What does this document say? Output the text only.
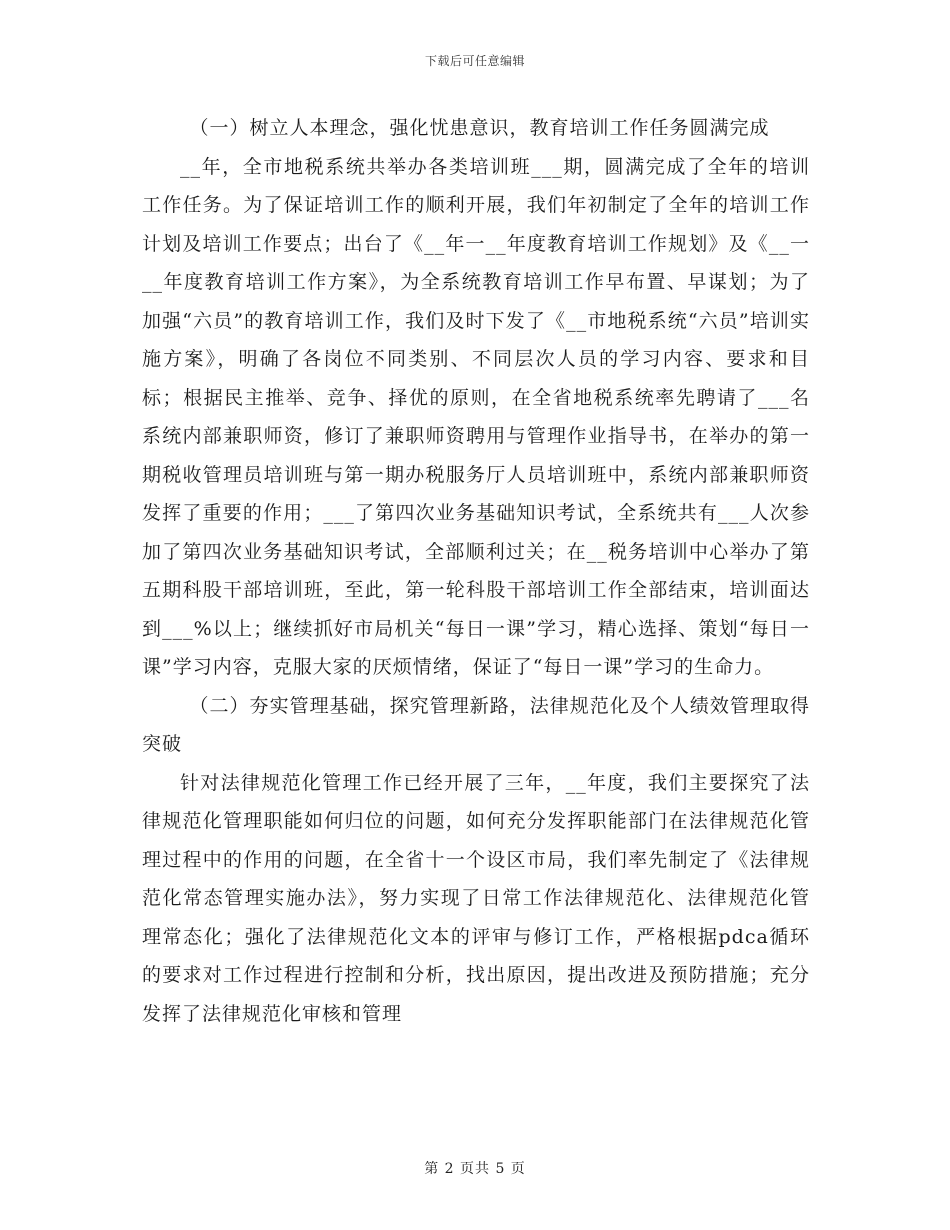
下载后可任意编辑

（一）树立人本理念，强化忧患意识，教育培训工作任务圆满完成

__年，全市地税系统共举办各类培训班___期，圆满完成了全年的培训工作任务。为了保证培训工作的顺利开展，我们年初制定了全年的培训工作计划及培训工作要点；出台了《__年一__年度教育培训工作规划》及《__一__年度教育培训工作方案》，为全系统教育培训工作早布置、早谋划；为了加强“六员”的教育培训工作，我们及时下发了《__市地税系统“六员”培训实施方案》，明确了各岗位不同类别、不同层次人员的学习内容、要求和目标；根据民主推举、竞争、择优的原则，在全省地税系统率先聘请了___名系统内部兼职师资，修订了兼职师资聘用与管理作业指导书，在举办的第一期税收管理员培训班与第一期办税服务厅人员培训班中，系统内部兼职师资发挥了重要的作用；___了第四次业务基础知识考试，全系统共有___人次参加了第四次业务基础知识考试，全部顺利过关；在__税务培训中心举办了第五期科股干部培训班，至此，第一轮科股干部培训工作全部结束，培训面达到___%以上；继续抓好市局机关“每日一课”学习，精心选择、策划“每日一课”学习内容，克服大家的厌烦情绪，保证了“每日一课”学习的生命力。

（二）夯实管理基础，探究管理新路，法律规范化及个人绩效管理取得突破

针对法律规范化管理工作已经开展了三年，__年度，我们主要探究了法律规范化管理职能如何归位的问题，如何充分发挥职能部门在法律规范化管理过程中的作用的问题，在全省十一个设区市局，我们率先制定了《法律规范化常态管理实施办法》，努力实现了日常工作法律规范化、法律规范化管理常态化；强化了法律规范化文本的评审与修订工作，严格根据pdca循环的要求对工作过程进行控制和分析，找出原因，提出改进及预防措施；充分发挥了法律规范化审核和管理

第 2 页共 5 页
